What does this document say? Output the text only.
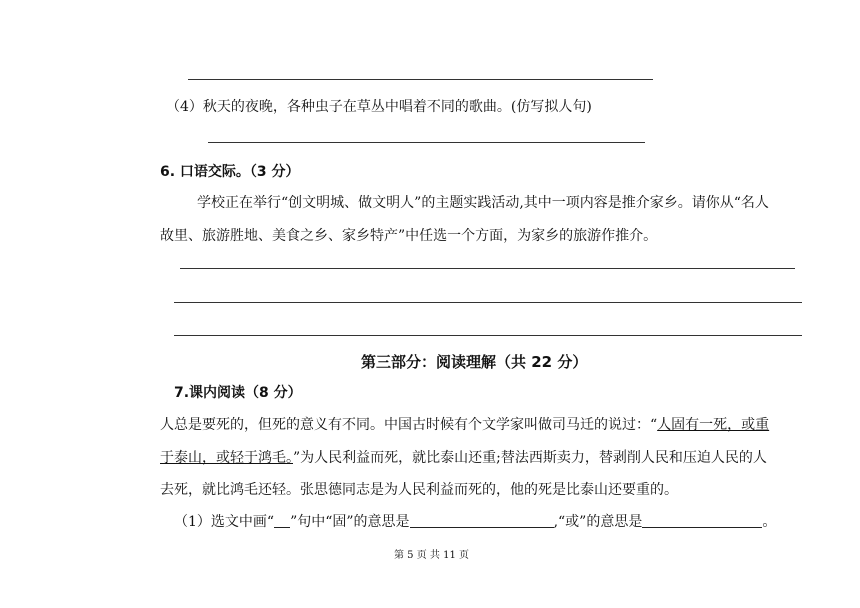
（4）秋天的夜晚，各种虫子在草丛中唱着不同的歌曲。(仿写拟人句)
6. 口语交际。（3 分）
学校正在举行“创文明城、做文明人”的主题实践活动,其中一项内容是推介家乡。请你从“名人
故里、旅游胜地、美食之乡、家乡特产”中任选一个方面，为家乡的旅游作推介。
第三部分：阅读理解（共 22 分）
7.课内阅读（8 分）
人总是要死的，但死的意义有不同。中国古时候有个文学家叫做司马迁的说过：“人固有一死，或重
于泰山，或轻于鸿毛。”为人民利益而死，就比泰山还重;替法西斯卖力，替剥削人民和压迫人民的人
去死，就比鸿毛还轻。张思德同志是为人民利益而死的，他的死是比泰山还要重的。
（1）选文中画“ ”句中“固”的意思是	,“或”的意思是	。
第 5 页 共 11 页
